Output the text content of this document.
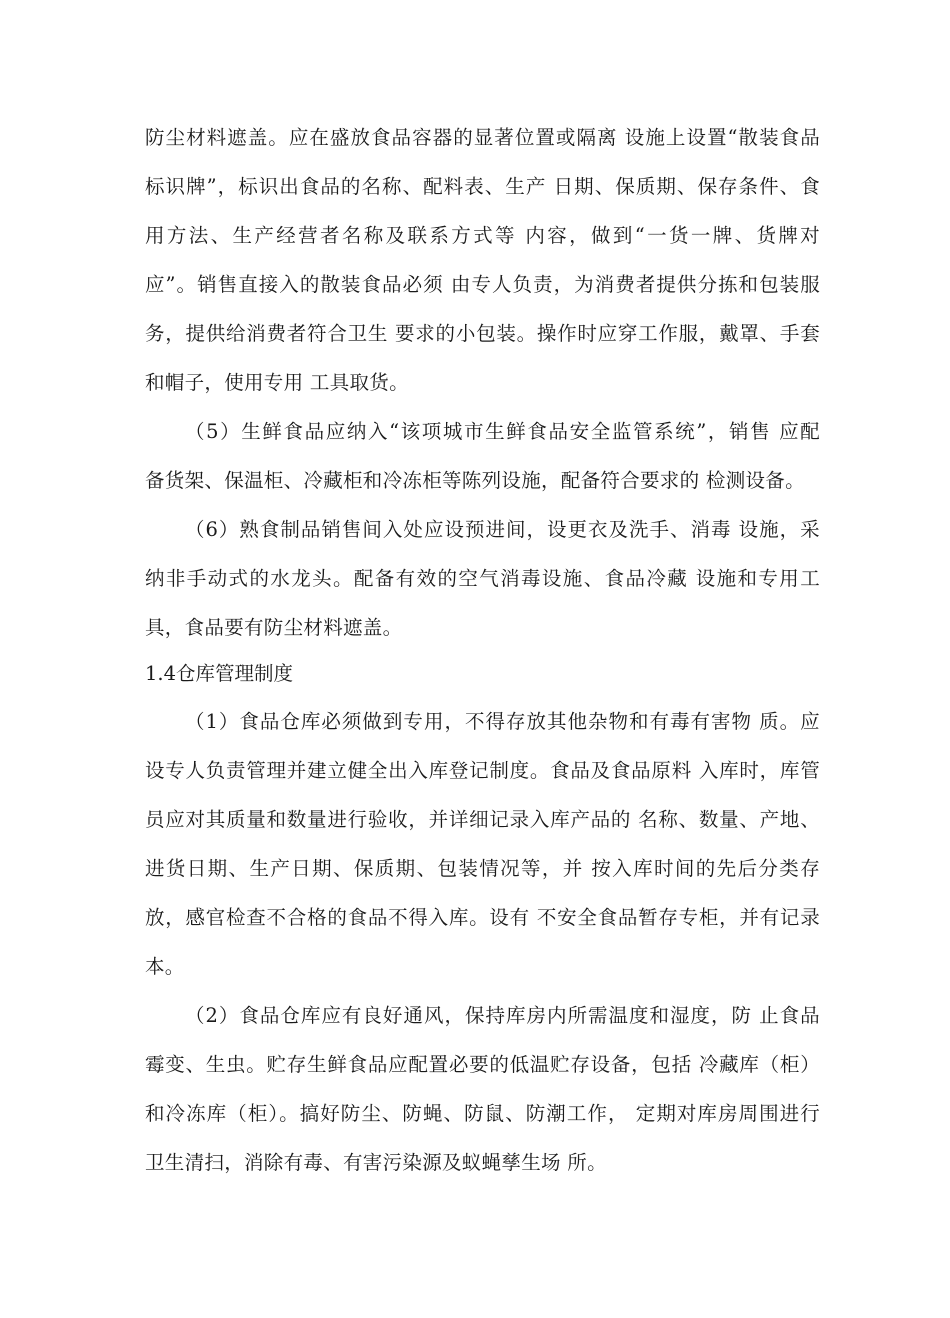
防尘材料遮盖。应在盛放食品容器的显著位置或隔离 设施上设置“散装食品
标识牌”，标识出食品的名称、配料表、生产 日期、保质期、保存条件、食
用方法、生产经营者名称及联系方式等 内容，做到“一货一牌、货牌对
应”。销售直接入的散装食品必须 由专人负责，为消费者提供分拣和包装服
务，提供给消费者符合卫生 要求的小包装。操作时应穿工作服，戴罩、手套
和帽子，使用专用 工具取货。
（5）生鲜食品应纳入“该项城市生鲜食品安全监管系统”，销售 应配
备货架、保温柜、冷藏柜和冷冻柜等陈列设施，配备符合要求的 检测设备。
（6）熟食制品销售间入处应设预进间，设更衣及洗手、消毒 设施，采
纳非手动式的水龙头。配备有效的空气消毒设施、食品冷藏 设施和专用工
具，食品要有防尘材料遮盖。
1.4仓库管理制度
（1）食品仓库必须做到专用，不得存放其他杂物和有毒有害物 质。应
设专人负责管理并建立健全出入库登记制度。食品及食品原料 入库时，库管
员应对其质量和数量进行验收，并详细记录入库产品的 名称、数量、产地、
进货日期、生产日期、保质期、包装情况等，并 按入库时间的先后分类存
放，感官检查不合格的食品不得入库。设有 不安全食品暂存专柜，并有记录
本。
（2）食品仓库应有良好通风，保持库房内所需温度和湿度，防 止食品
霉变、生虫。贮存生鲜食品应配置必要的低温贮存设备，包括 冷藏库（柜）
和冷冻库（柜）。搞好防尘、防蝇、防鼠、防潮工作， 定期对库房周围进行
卫生清扫，消除有毒、有害污染源及蚁蝇孳生场 所。
